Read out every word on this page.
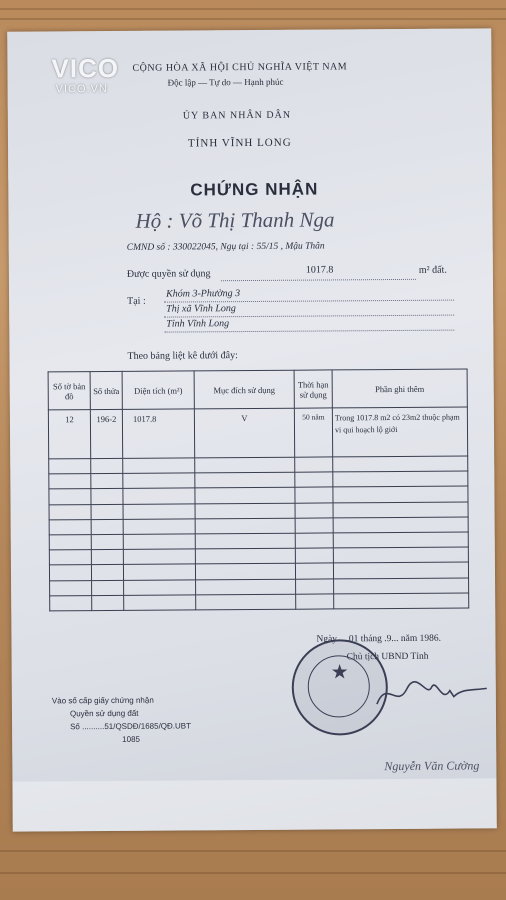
VICO
VICO.VN
CỘNG HÒA XÃ HỘI CHỦ NGHĨA VIỆT NAM
Độc lập — Tự do — Hạnh phúc
ỦY BAN NHÂN DÂN
TỈNH VĨNH LONG
CHỨNG NHẬN
Hộ : Võ Thị Thanh Nga
CMND số : 330022045, Ngụ tại : 55/15 , Mậu Thân
Được quyền sử dụng	1017.8	m² đất.
Tại :
Khóm 3-Phường 3
Thị xã Vĩnh Long
Tỉnh Vĩnh Long
Theo bảng liệt kê dưới đây:
Số tờ bản đồ	Số thửa	Diện tích (m²)	Mục đích sử dụng	Thời hạn sử dụng	Phần ghi thêm
12	196-2	1017.8	V	50 năm	Trong 1017.8 m2 có 23m2 thuộc phạm vi qui hoạch lộ giới

Ngày ... 01 tháng .9... năm 1986.
Chủ tịch UBND Tỉnh
★
Nguyễn Văn Cường
Vào số cấp giấy chứng nhận
Quyền sử dụng đất
Số ..........51/QSDĐ/1685/QĐ.UBT
1085
